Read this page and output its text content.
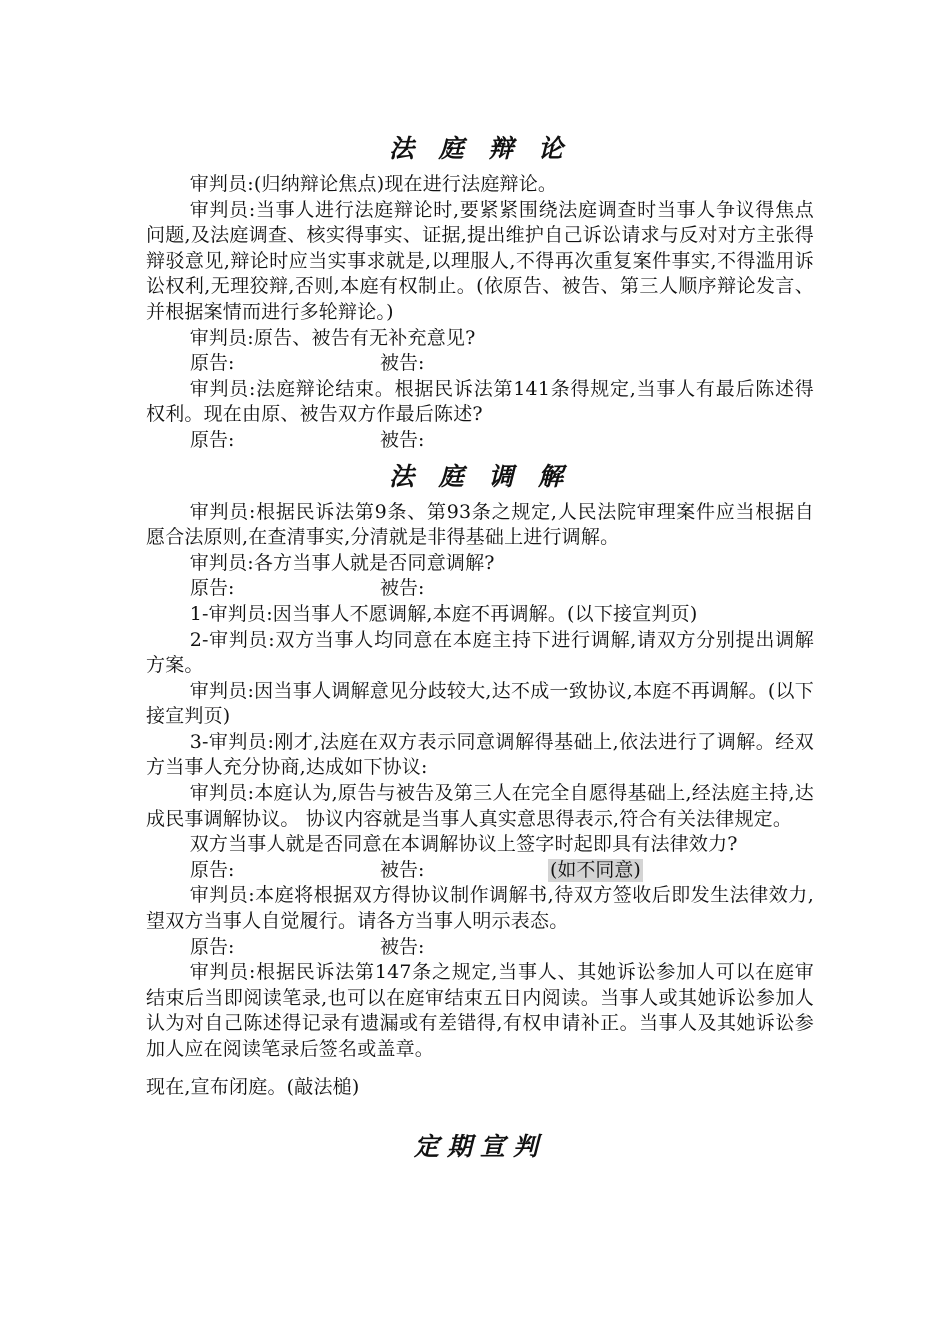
法 庭 辩 论

审判员:(归纳辩论焦点)现在进行法庭辩论。

审判员:当事人进行法庭辩论时,要紧紧围绕法庭调查时当事人争议得焦点问题,及法庭调查、核实得事实、证据,提出维护自己诉讼请求与反对对方主张得辩驳意见,辩论时应当实事求就是,以理服人,不得再次重复案件事实,不得滥用诉讼权利,无理狡辩,否则,本庭有权制止。(依原告、被告、第三人顺序辩论发言、并根据案情而进行多轮辩论。)

审判员:原告、被告有无补充意见?

原告:	被告:

审判员:法庭辩论结束。根据民诉法第141条得规定,当事人有最后陈述得权利。现在由原、被告双方作最后陈述?

原告:	被告:
法 庭 调 解

审判员:根据民诉法第9条、第93条之规定,人民法院审理案件应当根据自愿合法原则,在查清事实,分清就是非得基础上进行调解。

审判员:各方当事人就是否同意调解?

原告:	被告:

1-审判员:因当事人不愿调解,本庭不再调解。(以下接宣判页)

2-审判员:双方当事人均同意在本庭主持下进行调解,请双方分别提出调解方案。

审判员:因当事人调解意见分歧较大,达不成一致协议,本庭不再调解。(以下接宣判页)

3-审判员:刚才,法庭在双方表示同意调解得基础上,依法进行了调解。经双方当事人充分协商,达成如下协议:

审判员:本庭认为,原告与被告及第三人在完全自愿得基础上,经法庭主持,达成民事调解协议。 协议内容就是当事人真实意思得表示,符合有关法律规定。

双方当事人就是否同意在本调解协议上签字时起即具有法律效力?

原告:	被告:	(如不同意)

审判员:本庭将根据双方得协议制作调解书,待双方签收后即发生法律效力,望双方当事人自觉履行。请各方当事人明示表态。

原告:	被告:

审判员:根据民诉法第147条之规定,当事人、其她诉讼参加人可以在庭审结束后当即阅读笔录,也可以在庭审结束五日内阅读。当事人或其她诉讼参加人认为对自己陈述得记录有遗漏或有差错得,有权申请补正。当事人及其她诉讼参加人应在阅读笔录后签名或盖章。

现在,宣布闭庭。(敲法槌)

定期宣判
